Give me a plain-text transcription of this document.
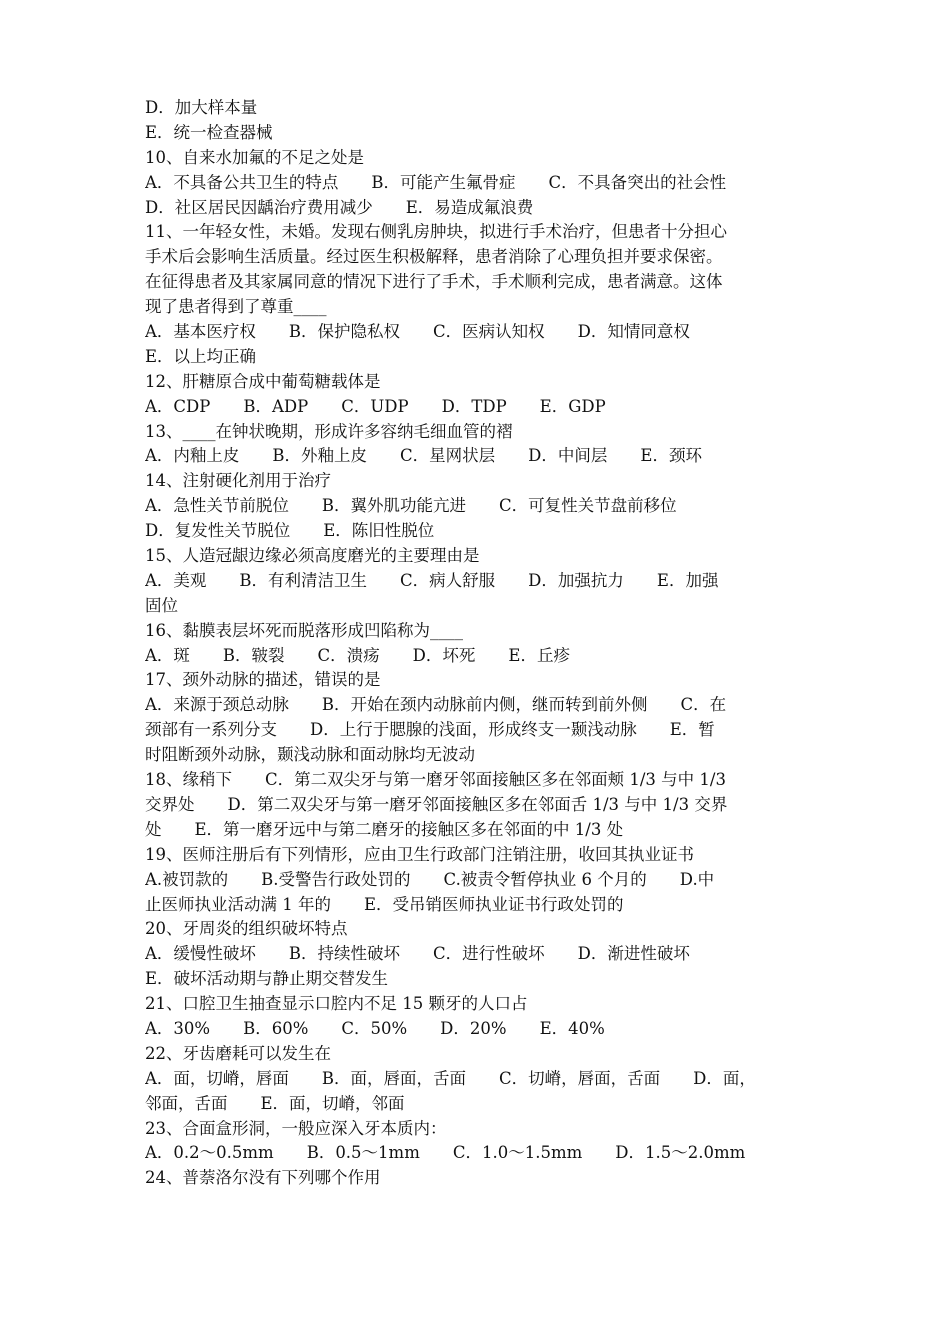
D．加大样本量
E．统一检查器械
10、自来水加氟的不足之处是
A．不具备公共卫生的特点　　B．可能产生氟骨症　　C．不具备突出的社会性
D．社区居民因龋治疗费用减少　　E．易造成氟浪费
11、一年轻女性，未婚。发现右侧乳房肿块，拟进行手术治疗，但患者十分担心
手术后会影响生活质量。经过医生积极解释，患者消除了心理负担并要求保密。
在征得患者及其家属同意的情况下进行了手术，手术顺利完成，患者满意。这体
现了患者得到了尊重____
A．基本医疗权　　B．保护隐私权　　C．医病认知权　　D．知情同意权
E．以上均正确
12、肝糖原合成中葡萄糖载体是
A．CDP　　B．ADP　　C．UDP　　D．TDP　　E．GDP
13、____在钟状晚期，形成许多容纳毛细血管的褶
A．内釉上皮　　B．外釉上皮　　C．星网状层　　D．中间层　　E．颈环
14、注射硬化剂用于治疗
A．急性关节前脱位　　B．翼外肌功能亢进　　C．可复性关节盘前移位
D．复发性关节脱位　　E．陈旧性脱位
15、人造冠龈边缘必须高度磨光的主要理由是
A．美观　　B．有利清洁卫生　　C．病人舒服　　D．加强抗力　　E．加强
固位
16、黏膜表层坏死而脱落形成凹陷称为____
A．斑　　B．皲裂　　C．溃疡　　D．坏死　　E．丘疹
17、颈外动脉的描述，错误的是
A．来源于颈总动脉　　B．开始在颈内动脉前内侧，继而转到前外侧　　C．在
颈部有一系列分支　　D．上行于腮腺的浅面，形成终支一颞浅动脉　　E．暂
时阻断颈外动脉，颞浅动脉和面动脉均无波动
18、缘稍下　　C．第二双尖牙与第一磨牙邻面接触区多在邻面颊 1/3 与中 1/3
交界处　　D．第二双尖牙与第一磨牙邻面接触区多在邻面舌 1/3 与中 1/3 交界
处　　E．第一磨牙远中与第二磨牙的接触区多在邻面的中 1/3 处
19、医师注册后有下列情形，应由卫生行政部门注销注册，收回其执业证书
A.被罚款的　　B.受警告行政处罚的　　C.被责令暂停执业 6 个月的　　D.中
止医师执业活动满 1 年的　　E．受吊销医师执业证书行政处罚的
20、牙周炎的组织破坏特点
A．缓慢性破坏　　B．持续性破坏　　C．进行性破坏　　D．渐进性破坏
E．破坏活动期与静止期交替发生
21、口腔卫生抽查显示口腔内不足 15 颗牙的人口占
A．30%　　B．60%　　C．50%　　D．20%　　E．40%
22、牙齿磨耗可以发生在
A．面，切嵴，唇面　　B．面，唇面，舌面　　C．切嵴，唇面，舌面　　D．面，
邻面，舌面　　E．面，切嵴，邻面
23、合面盒形洞，一般应深入牙本质内：
A．0.2～0.5mm　　B．0.5～1mm　　C．1.0～1.5mm　　D．1.5～2.0mm
24、普萘洛尔没有下列哪个作用
